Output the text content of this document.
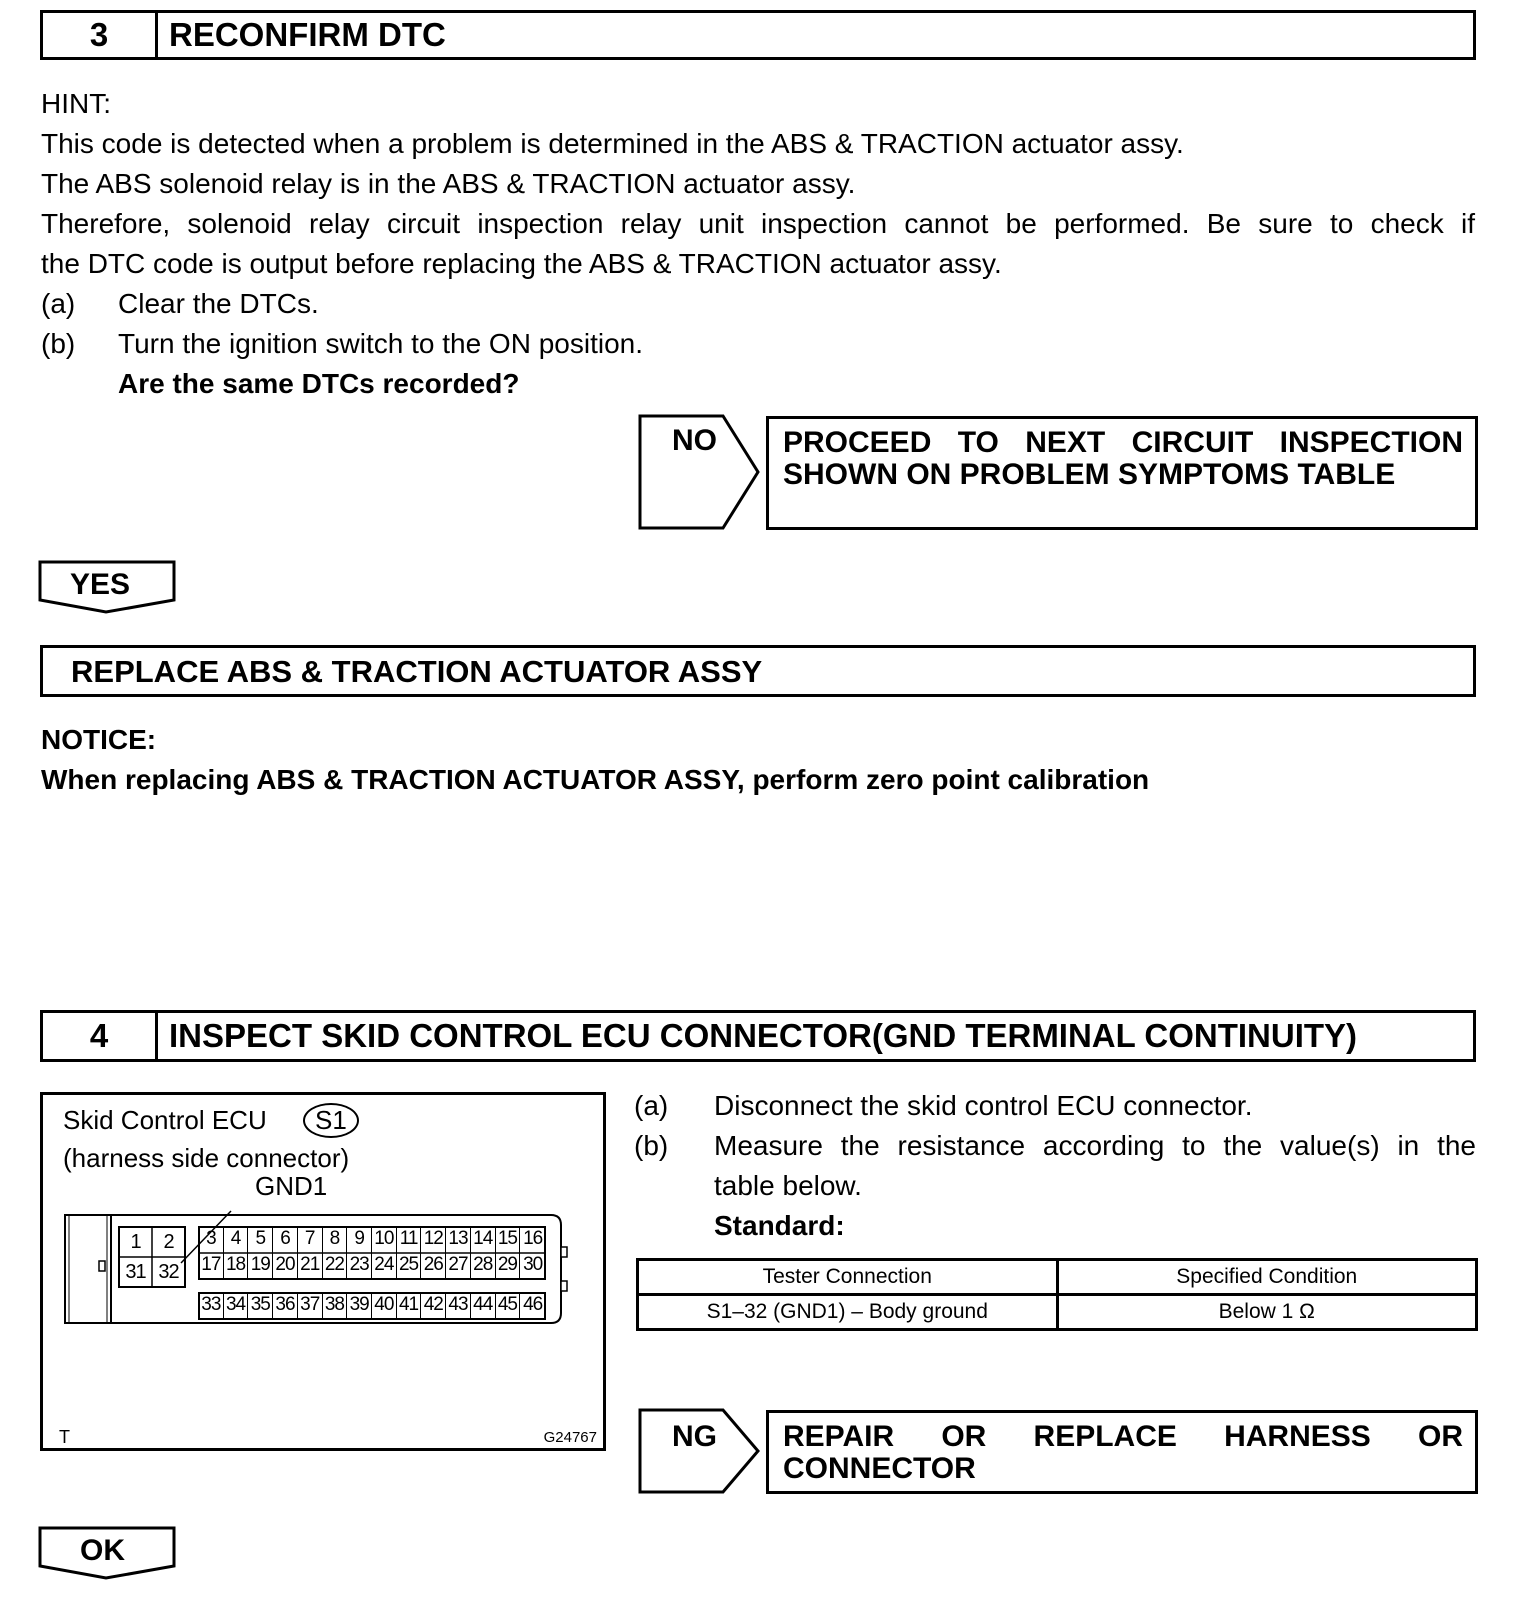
3	RECONFIRM DTC
HINT:
This code is detected when a problem is determined in the ABS & TRACTION actuator assy.
The ABS solenoid relay is in the ABS & TRACTION actuator assy.
Therefore, solenoid relay circuit inspection relay unit inspection cannot be performed. Be sure to check if
the DTC code is output before replacing the ABS & TRACTION actuator assy.
(a) Clear the DTCs.
(b) Turn the ignition switch to the ON position.
Are the same DTCs recorded?
NO PROCEED TO NEXT CIRCUIT INSPECTION
SHOWN ON PROBLEM SYMPTOMS TABLE
YES
REPLACE ABS & TRACTION ACTUATOR ASSY
NOTICE:
When replacing ABS & TRACTION ACTUATOR ASSY, perform zero point calibration
4	INSPECT SKID CONTROL ECU CONNECTOR(GND TERMINAL CONTINUITY)
Skid Control ECU	S1
(harness side connector)
GND1
1	2
31 32
3 4 5 6 7 8 9 10 11 12 13 14 15 16
17 18 19 20 21 22 23 24 25 26 27 28 29 30
33 34 35 36 37 38 39 40 41 42 43 44 45 46
T	G24767
(a) Disconnect the skid control ECU connector.
(b) Measure the resistance according to the value(s) in the
table below.
Standard:
Tester Connection	Specified Condition
S1–32 (GND1) – Body ground	Below 1 Ω
NG REPAIR OR REPLACE HARNESS OR
CONNECTOR
OK
